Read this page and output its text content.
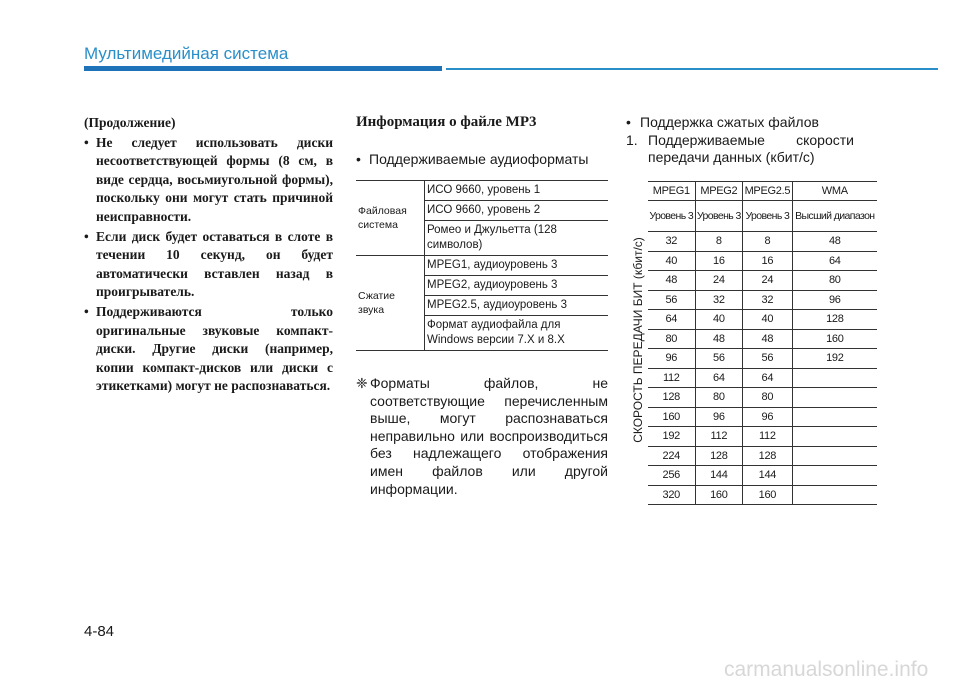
Мультимедийная система

(Продолжение)

• Не следует использовать диски несоответствующей формы (8 см, в виде сердца, восьмиугольной формы), поскольку они могут стать причиной неисправности.
• Если диск будет оставаться в слоте в течении 10 секунд, он будет автоматически вставлен назад в проигрыватель.
• Поддерживаются только оригинальные звуковые компакт-диски. Другие диски (например, копии компакт-дисков или диски с этикетками) могут не распознаваться.

Информация о файле МР3

• Поддерживаемые аудиоформаты
Файловая система	ИСО 9660, уровень 1
	ИСО 9660, уровень 2
	Ромео и Джульетта (128 символов)
Сжатие звука	MPEG1, аудиоуровень 3
	MPEG2, аудиоуровень 3
	MPEG2.5, аудиоуровень 3
	Формат аудиофайла для Windows версии 7.X и 8.X
❈ Форматы файлов, не соответствующие перечисленным выше, могут распознаваться неправильно или воспроизводиться без надлежащего отображения имен файлов или другой информации.
• Поддержка сжатых файлов
1. Поддерживаемые скорости передачи данных (кбит/с)
СКОРОСТЬ ПЕРЕДАЧИ БИТ (кбит/с)
MPEG1	MPEG2	MPEG2.5	WMA
Уровень 3	Уровень 3	Уровень 3	Высший диапазон
32	8	8	48
40	16	16	64
48	24	24	80
56	32	32	96
64	40	40	128
80	48	48	160
96	56	56	192
112	64	64	
128	80	80	
160	96	96	
192	112	112	
224	128	128	
256	144	144	
320	160	160	
4-84
carmanualsonline.info
